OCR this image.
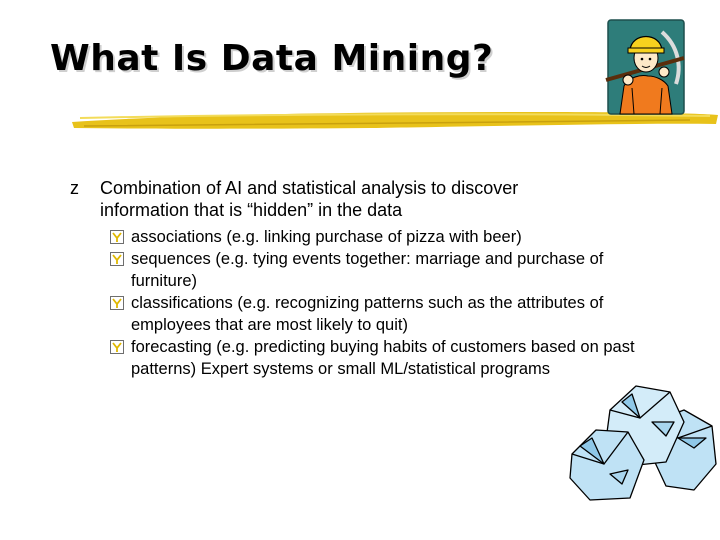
What Is Data Mining?
z	Combination of AI and statistical analysis to discover information that is “hidden” in the data

associations (e.g. linking purchase of pizza with beer)

sequences (e.g. tying events together: marriage and purchase of furniture)

classifications (e.g. recognizing patterns such as the attributes of employees that are most likely to quit)

forecasting (e.g. predicting buying habits of customers based on past patterns) Expert systems or small ML/statistical programs
